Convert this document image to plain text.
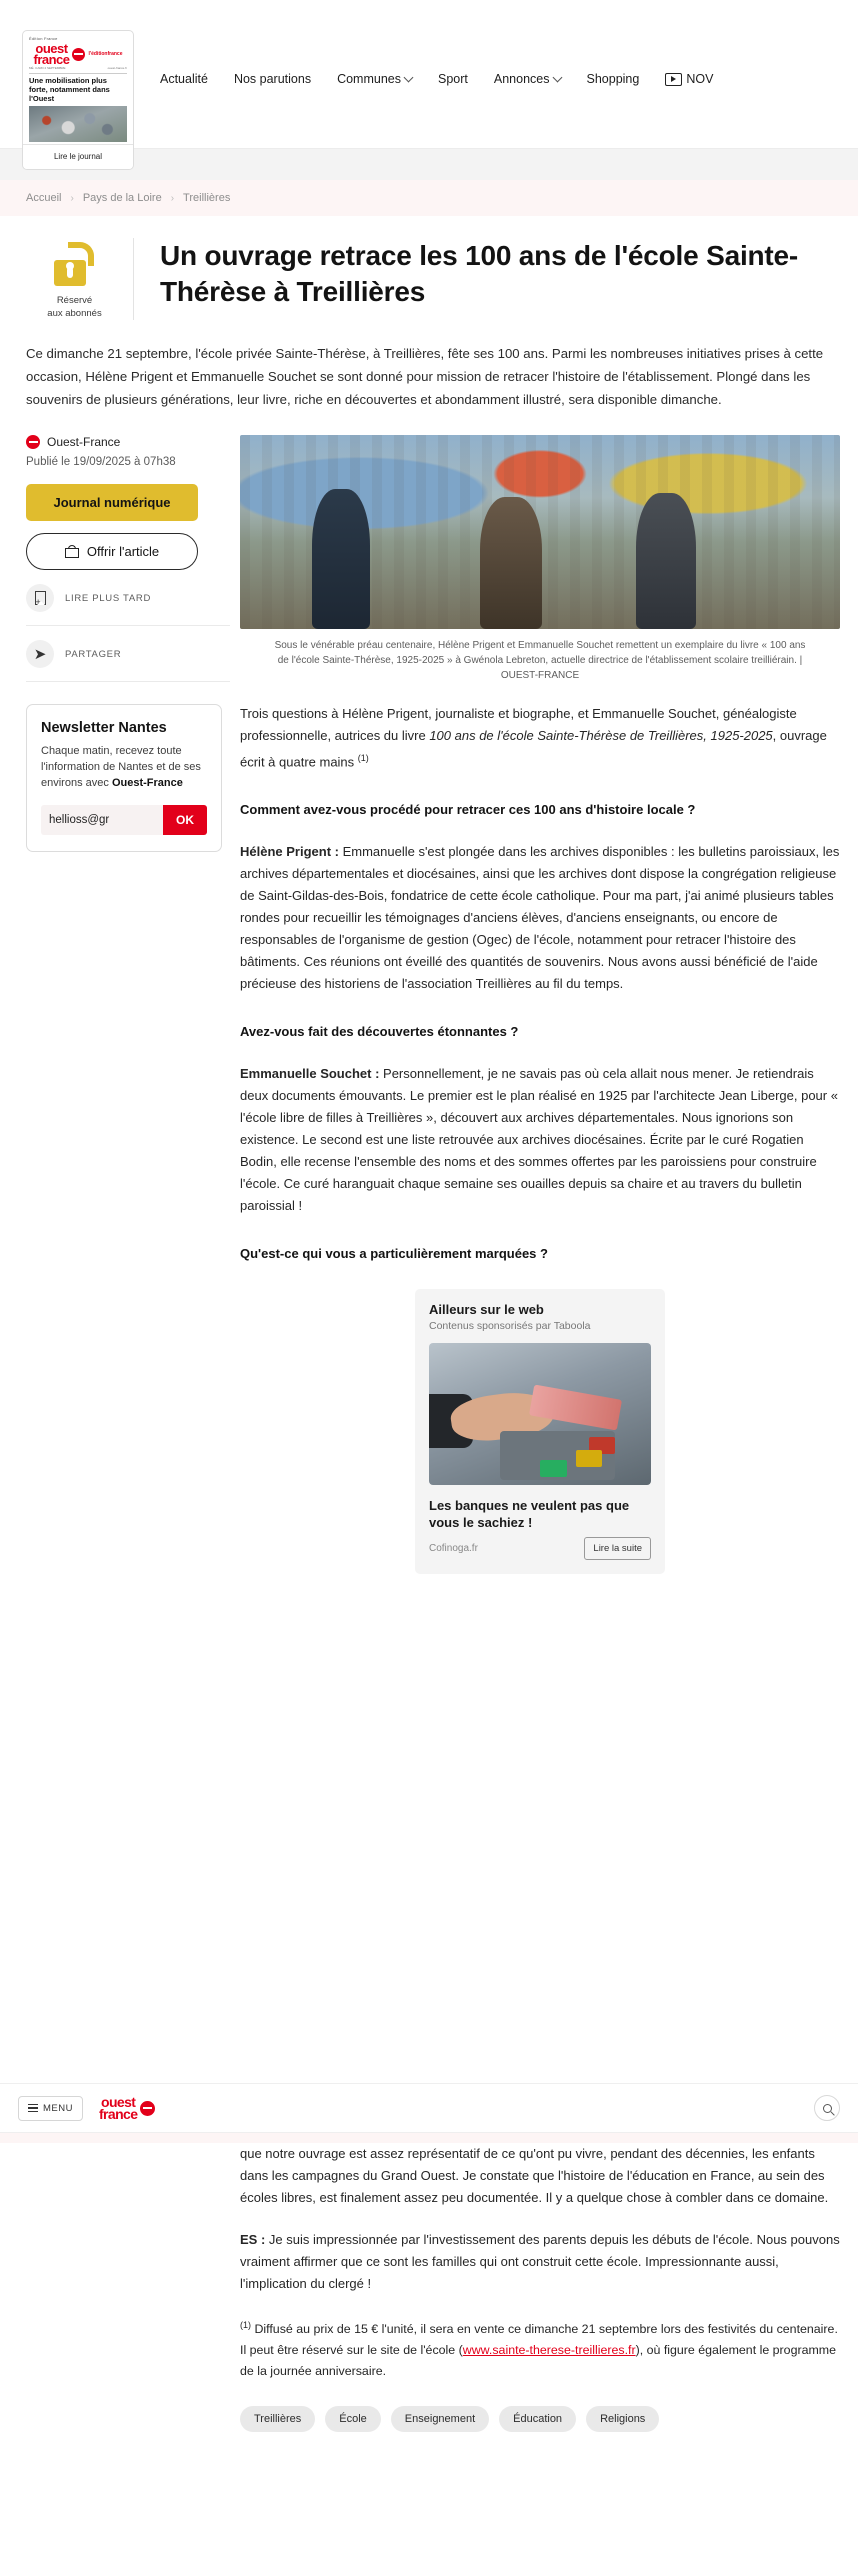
Édition France
ouest
france	l'éditionfrance
MÉ. CARD 2 SEPTEMBRE	ouest-france.fr
Une mobilisation plus forte, notamment dans l'Ouest
Lire le journal
Actualité Nos parutions Communes	Sport Annonces	Shopping	NOV
Accueil › Pays de la Loire › Treillières
Réservé
aux abonnés
Un ouvrage retrace les 100 ans de l'école Sainte-Thérèse à Treillières
Ce dimanche 21 septembre, l'école privée Sainte-Thérèse, à Treillières, fête ses 100 ans. Parmi les nombreuses initiatives prises à cette occasion, Hélène Prigent et Emmanuelle Souchet se sont donné pour mission de retracer l'histoire de l'établissement. Plongé dans les souvenirs de plusieurs générations, leur livre, riche en découvertes et abondamment illustré, sera disponible dimanche.
Ouest-France
Publié le 19/09/2025 à 07h38
Journal numérique
Offrir l'article
+	LIRE PLUS TARD
➤ PARTAGER
Newsletter Nantes
Chaque matin, recevez toute l'information de Nantes et de ses environs avec Ouest-France
hellioss@gr
OK
Sous le vénérable préau centenaire, Hélène Prigent et Emmanuelle Souchet remettent un exemplaire du livre « 100 ans de l'école Sainte-Thérèse, 1925-2025 » à Gwénola Lebreton, actuelle directrice de l'établissement scolaire treilliérain. | OUEST-FRANCE

Trois questions à Hélène Prigent, journaliste et biographe, et Emmanuelle Souchet, généalogiste professionnelle, autrices du livre 100 ans de l'école Sainte-Thérèse de Treillières, 1925-2025, ouvrage écrit à quatre mains $^{(1)}$

Comment avez-vous procédé pour retracer ces 100 ans d'histoire locale ?

Hélène Prigent : Emmanuelle s'est plongée dans les archives disponibles : les bulletins paroissiaux, les archives départementales et diocésaines, ainsi que les archives dont dispose la congrégation religieuse de Saint-Gildas-des-Bois, fondatrice de cette école catholique. Pour ma part, j'ai animé plusieurs tables rondes pour recueillir les témoignages d'anciens élèves, d'anciens enseignants, ou encore de responsables de l'organisme de gestion (Ogec) de l'école, notamment pour retracer l'histoire des bâtiments. Ces réunions ont éveillé des quantités de souvenirs. Nous avons aussi bénéficié de l'aide précieuse des historiens de l'association Treillières au fil du temps.

Avez-vous fait des découvertes étonnantes ?

Emmanuelle Souchet : Personnellement, je ne savais pas où cela allait nous mener. Je retiendrais deux documents émouvants. Le premier est le plan réalisé en 1925 par l'architecte Jean Liberge, pour « l'école libre de filles à Treillières », découvert aux archives départementales. Nous ignorions son existence. Le second est une liste retrouvée aux archives diocésaines. Écrite par le curé Rogatien Bodin, elle recense l'ensemble des noms et des sommes offertes par les paroissiens pour construire l'école. Ce curé haranguait chaque semaine ses ouailles depuis sa chaire et au travers du bulletin paroissial !

Qu'est-ce qui vous a particulièrement marquées ?

Ailleurs sur le web
Contenus sponsorisés par Taboola
Les banques ne veulent pas que vous le sachiez !
Cofinoga.fr	Lire la suite
MENU ouest
france

que notre ouvrage est assez représentatif de ce qu'ont pu vivre, pendant des décennies, les enfants dans les campagnes du Grand Ouest. Je constate que l'histoire de l'éducation en France, au sein des écoles libres, est finalement assez peu documentée. Il y a quelque chose à combler dans ce domaine.

ES : Je suis impressionnée par l'investissement des parents depuis les débuts de l'école. Nous pouvons vraiment affirmer que ce sont les familles qui ont construit cette école. Impressionnante aussi, l'implication du clergé !

$^{(1)}$ Diffusé au prix de 15 € l'unité, il sera en vente ce dimanche 21 septembre lors des festivités du centenaire. Il peut être réservé sur le site de l'école (www.sainte-therese-treillieres.fr), où figure également le programme de la journée anniversaire.

Treillières	École	Enseignement	Éducation	Religions
